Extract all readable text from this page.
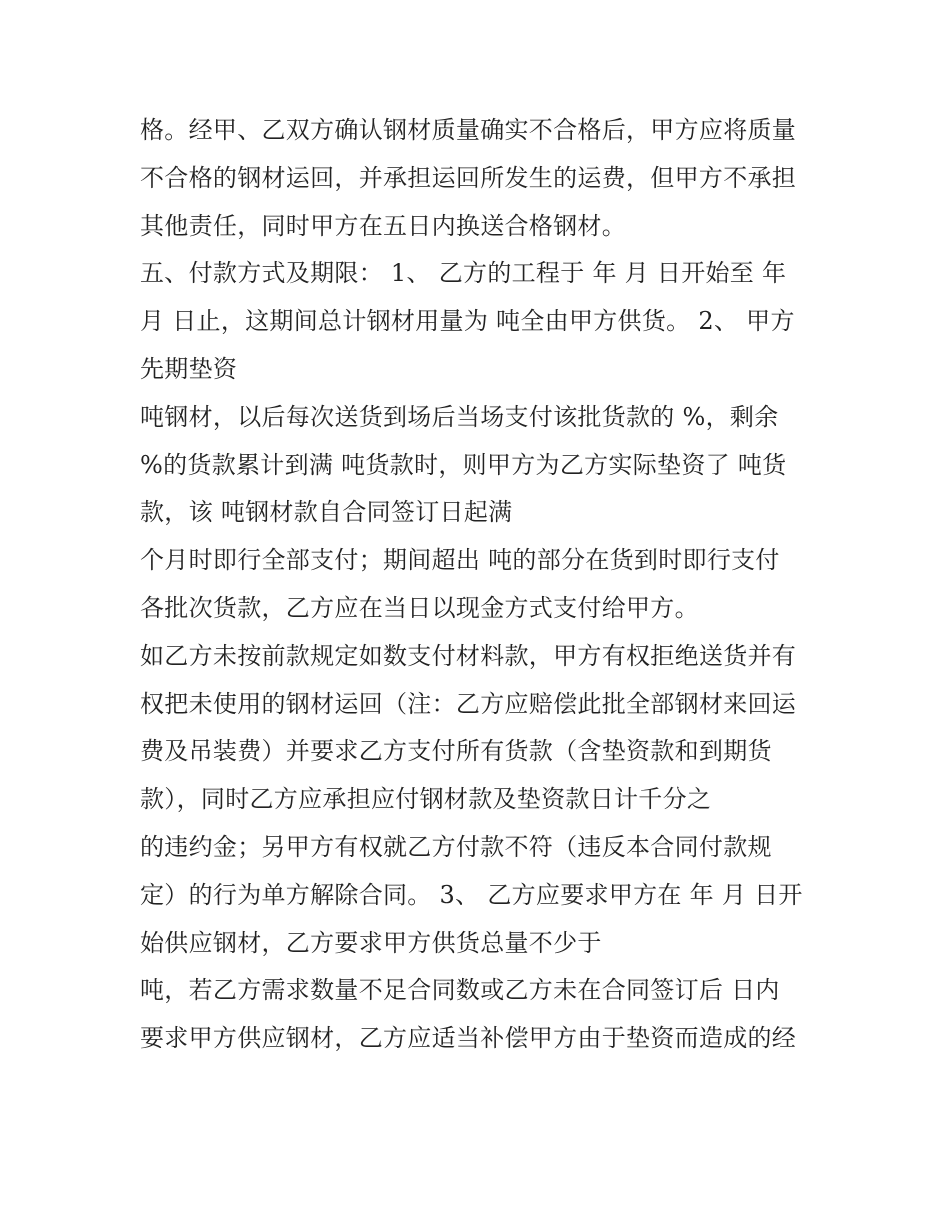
格。经甲、乙双方确认钢材质量确实不合格后，甲方应将质量
不合格的钢材运回，并承担运回所发生的运费，但甲方不承担
其他责任，同时甲方在五日内换送合格钢材。
五、付款方式及期限： 1、 乙方的工程于 年 月 日开始至 年
月 日止，这期间总计钢材用量为 吨全由甲方供货。 2、 甲方
先期垫资
吨钢材，以后每次送货到场后当场支付该批货款的 %，剩余
%的货款累计到满 吨货款时，则甲方为乙方实际垫资了 吨货
款，该 吨钢材款自合同签订日起满
个月时即行全部支付；期间超出 吨的部分在货到时即行支付
各批次货款，乙方应在当日以现金方式支付给甲方。
如乙方未按前款规定如数支付材料款，甲方有权拒绝送货并有
权把未使用的钢材运回（注：乙方应赔偿此批全部钢材来回运
费及吊装费）并要求乙方支付所有货款（含垫资款和到期货
款），同时乙方应承担应付钢材款及垫资款日计千分之
的违约金；另甲方有权就乙方付款不符（违反本合同付款规
定）的行为单方解除合同。 3、 乙方应要求甲方在 年 月 日开
始供应钢材，乙方要求甲方供货总量不少于
吨，若乙方需求数量不足合同数或乙方未在合同签订后 日内
要求甲方供应钢材，乙方应适当补偿甲方由于垫资而造成的经
